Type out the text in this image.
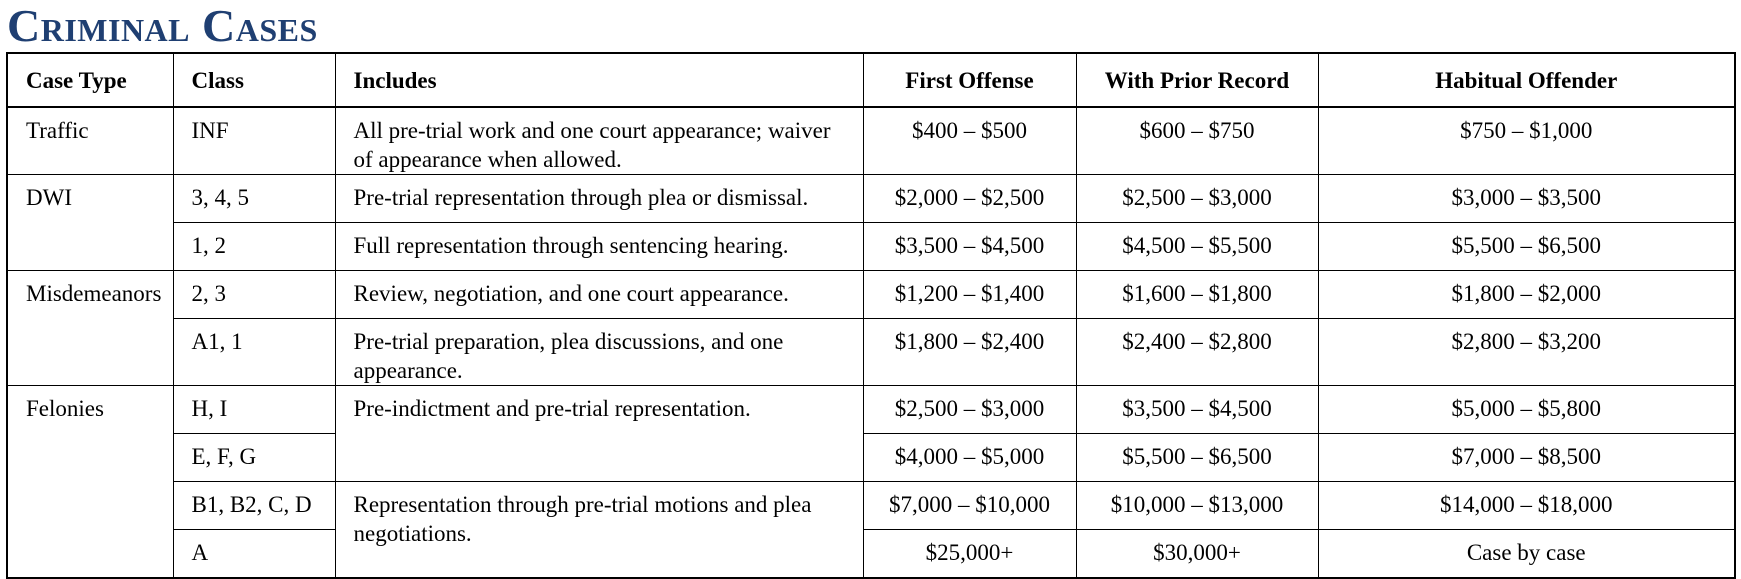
Criminal Cases
Case Type	Class	Includes	First Offense	With Prior Record	Habitual Offender
Traffic	INF	All pre-trial work and one court appearance; waiver of appearance when allowed.	$400 – $500	$600 – $750	$750 – $1,000
DWI	3, 4, 5	Pre-trial representation through plea or dismissal.	$2,000 – $2,500	$2,500 – $3,000	$3,000 – $3,500
	1, 2	Full representation through sentencing hearing.	$3,500 – $4,500	$4,500 – $5,500	$5,500 – $6,500
Misdemeanors	2, 3	Review, negotiation, and one court appearance.	$1,200 – $1,400	$1,600 – $1,800	$1,800 – $2,000
	A1, 1	Pre-trial preparation, plea discussions, and one appearance.	$1,800 – $2,400	$2,400 – $2,800	$2,800 – $3,200
Felonies	H, I	Pre-indictment and pre-trial representation.	$2,500 – $3,000	$3,500 – $4,500	$5,000 – $5,800
	E, F, G		$4,000 – $5,000	$5,500 – $6,500	$7,000 – $8,500
	B1, B2, C, D	Representation through pre-trial motions and plea negotiations.	$7,000 – $10,000	$10,000 – $13,000	$14,000 – $18,000
	A		$25,000+	$30,000+	Case by case
